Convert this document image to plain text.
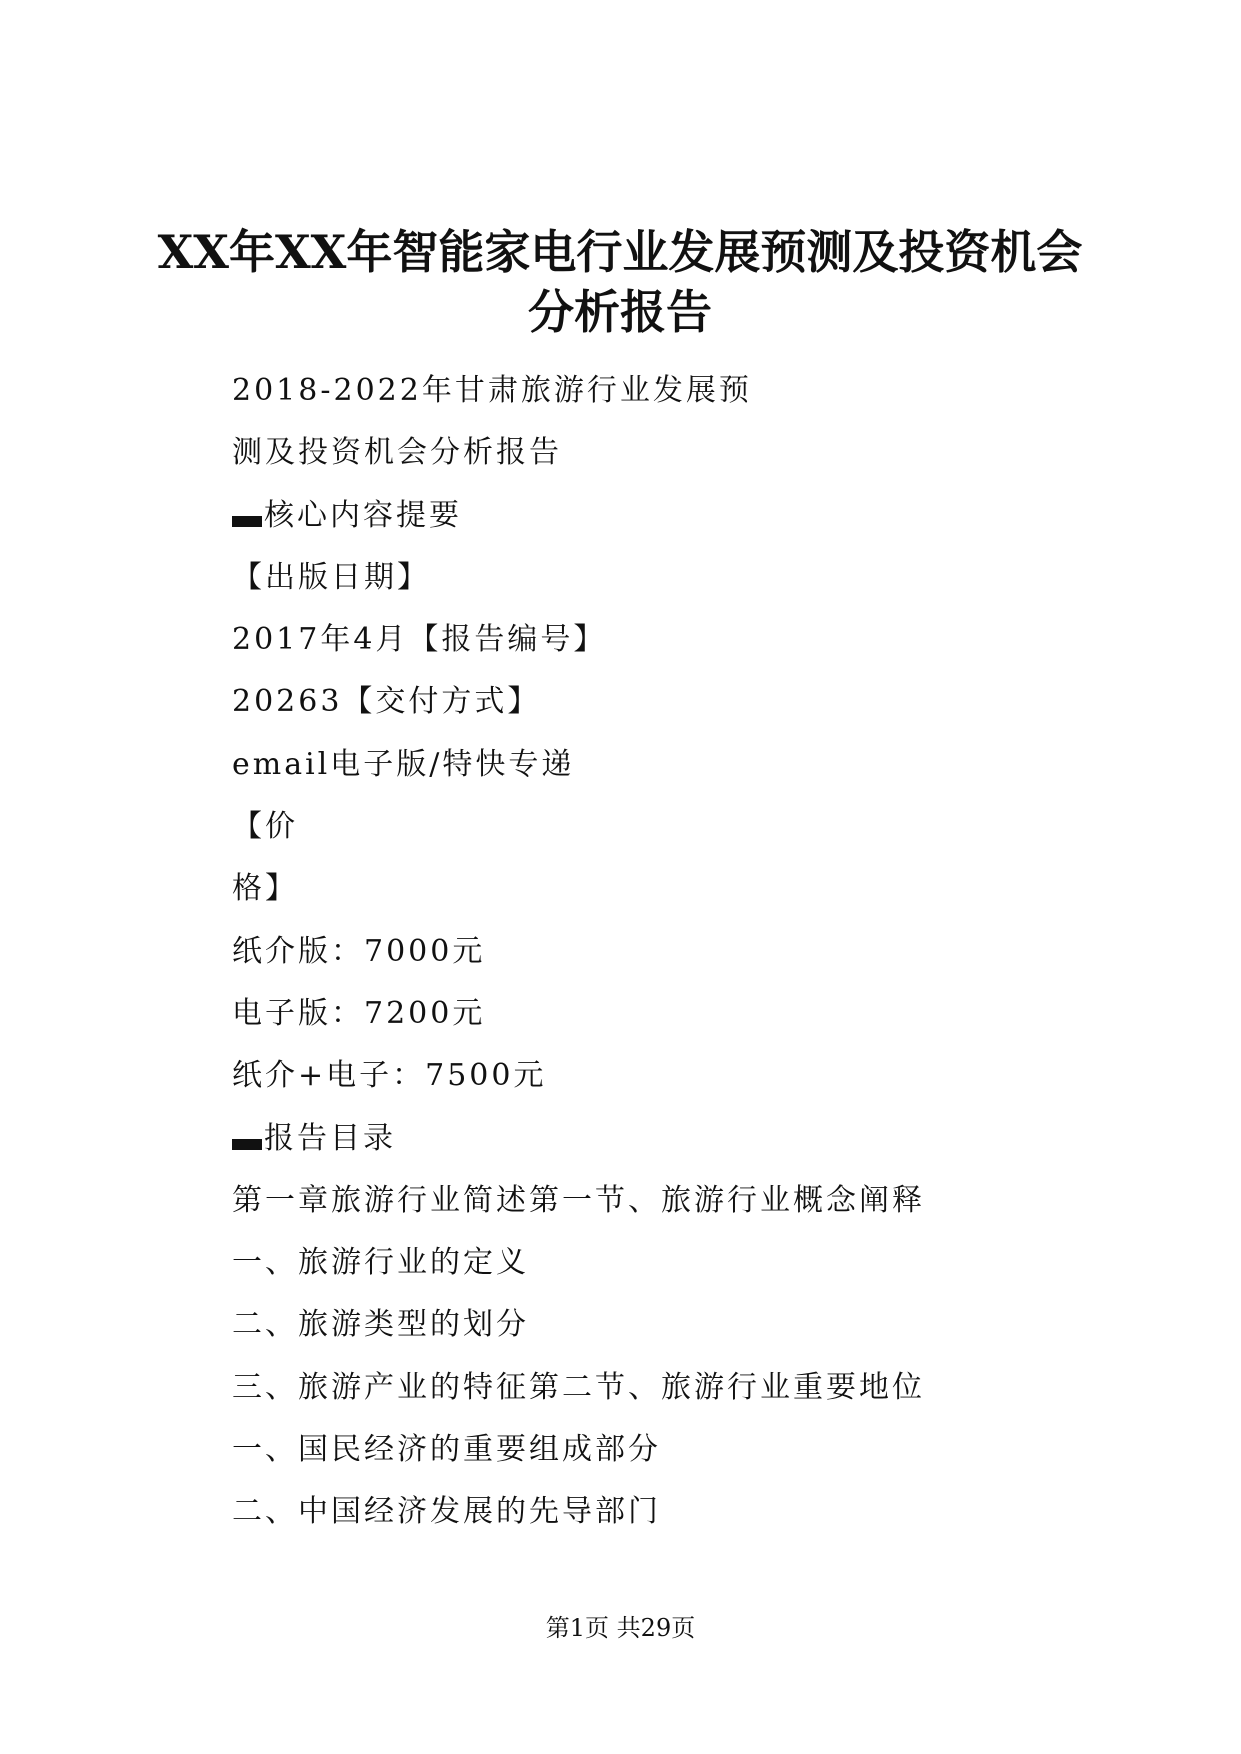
XX年XX年智能家电行业发展预测及投资机会
分析报告
2018-2022年甘肃旅游行业发展预
测及投资机会分析报告
核心内容提要
【出版日期】
2017年4月【报告编号】
20263【交付方式】
email电子版/特快专递
【价
格】
纸介版：7000元
电子版：7200元
纸介+电子：7500元
报告目录
第一章旅游行业简述第一节、旅游行业概念阐释
一、旅游行业的定义
二、旅游类型的划分
三、旅游产业的特征第二节、旅游行业重要地位
一、国民经济的重要组成部分
二、中国经济发展的先导部门
第1页 共29页
